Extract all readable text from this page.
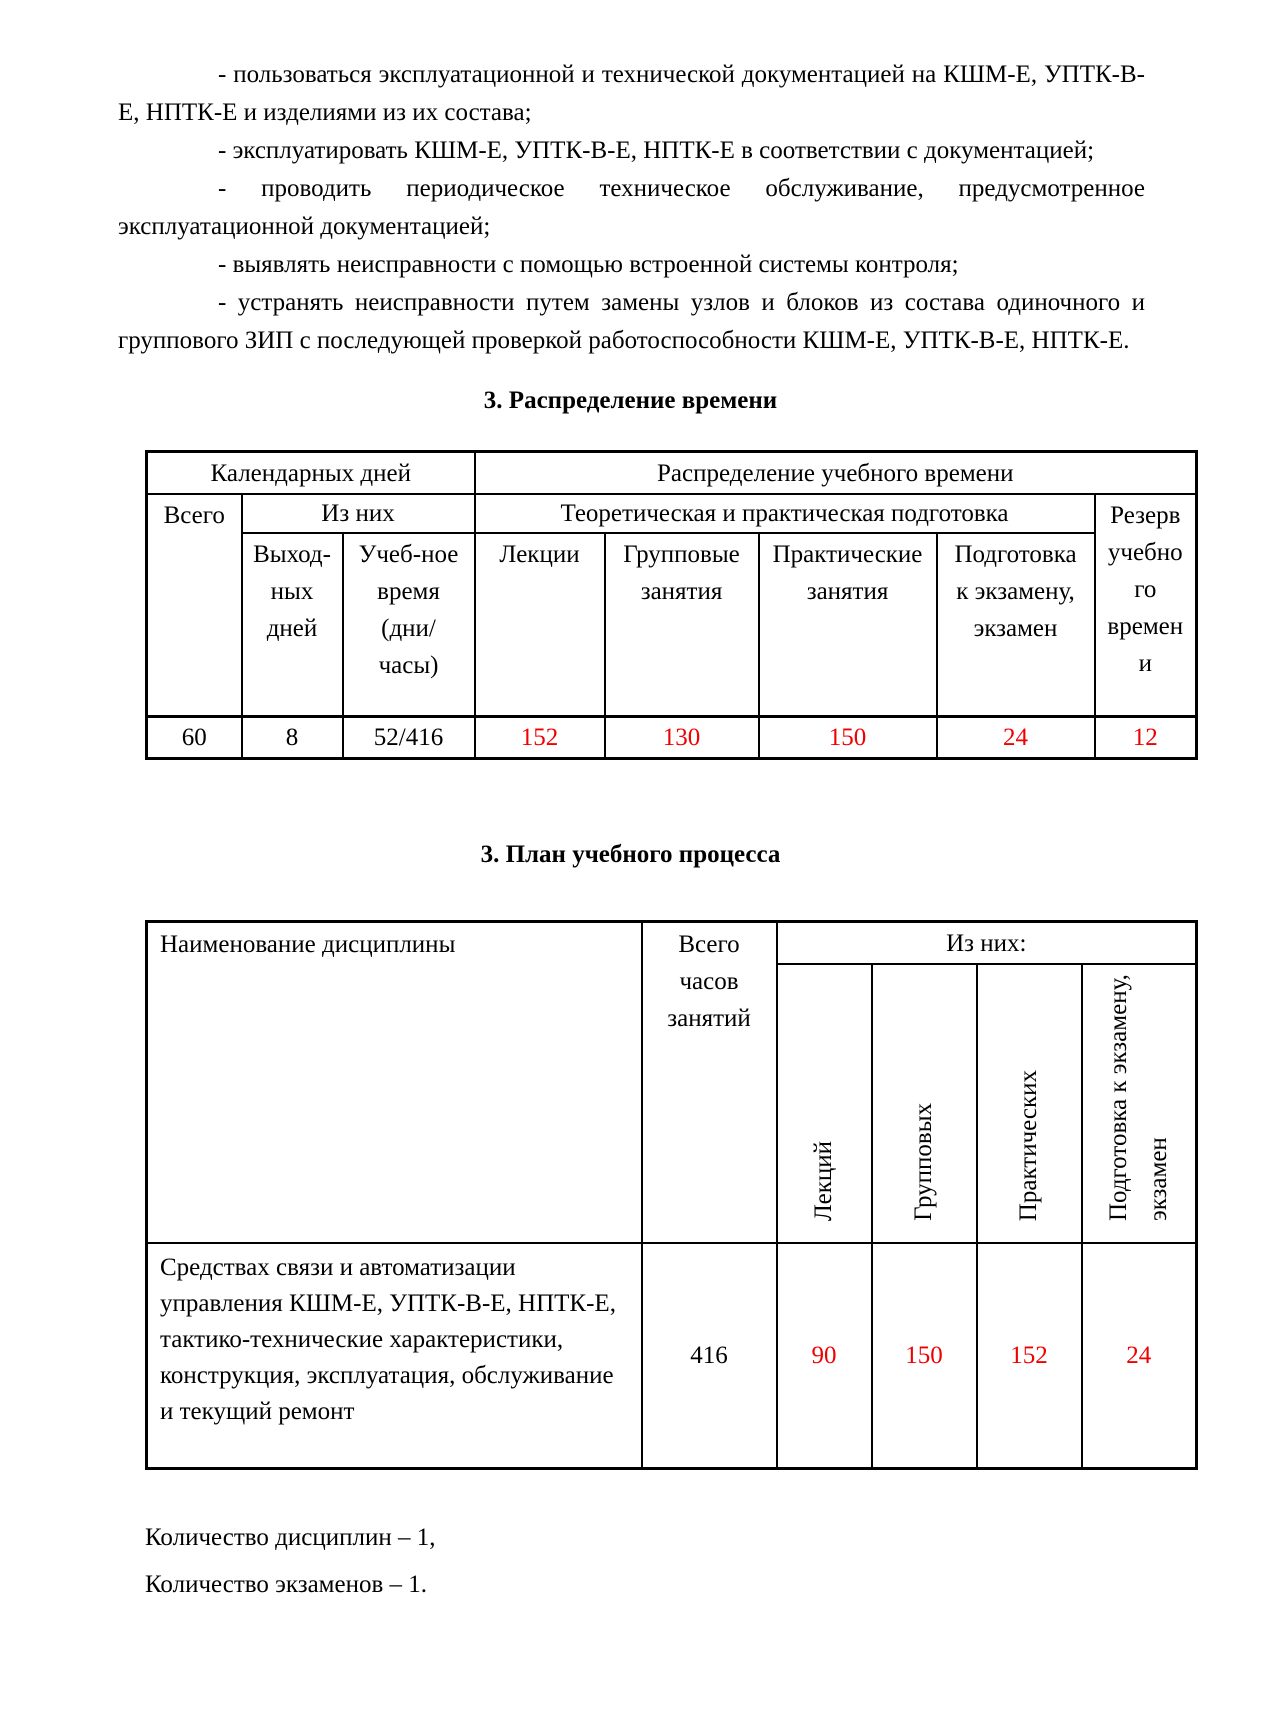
- пользоваться эксплуатационной и технической документацией на КШМ-Е, УПТК-В-Е, НПТК-Е и изделиями из их состава;

- эксплуатировать КШМ-Е, УПТК-В-Е, НПТК-Е в соответствии с документацией;

- проводить периодическое техническое обслуживание, предусмотренное эксплуатационной документацией;

- выявлять неисправности с помощью встроенной системы контроля;

- устранять неисправности путем замены узлов и блоков из состава одиночного и группового ЗИП с последующей проверкой работоспособности КШМ-Е, УПТК-В-Е, НПТК-Е.

3. Распределение времени
Календарных дней			Распределение учебного времени				
Всего	Из них		Теоретическая и практическая подготовка				Резерв учебного времени
	Выход-ных дней	Учеб-ное время (дни/часы)	Лекции	Групповые занятия	Практические занятия	Подготовка к экзамену, экзамен	
60	8	52/416	152	130	150	24	12
3. План учебного процесса
Наименование дисциплины	Всего часов занятий	Из них:			
		Лекций	Групповых	Практических	Подготовка к экзамену, экзамен
Средствах связи и автоматизации управления КШМ-Е, УПТК-В-Е, НПТК-Е, тактико-технические характеристики, конструкция, эксплуатация, обслуживание и текущий ремонт	416	90	150	152	24
Количество дисциплин – 1,
Количество экзаменов – 1.
